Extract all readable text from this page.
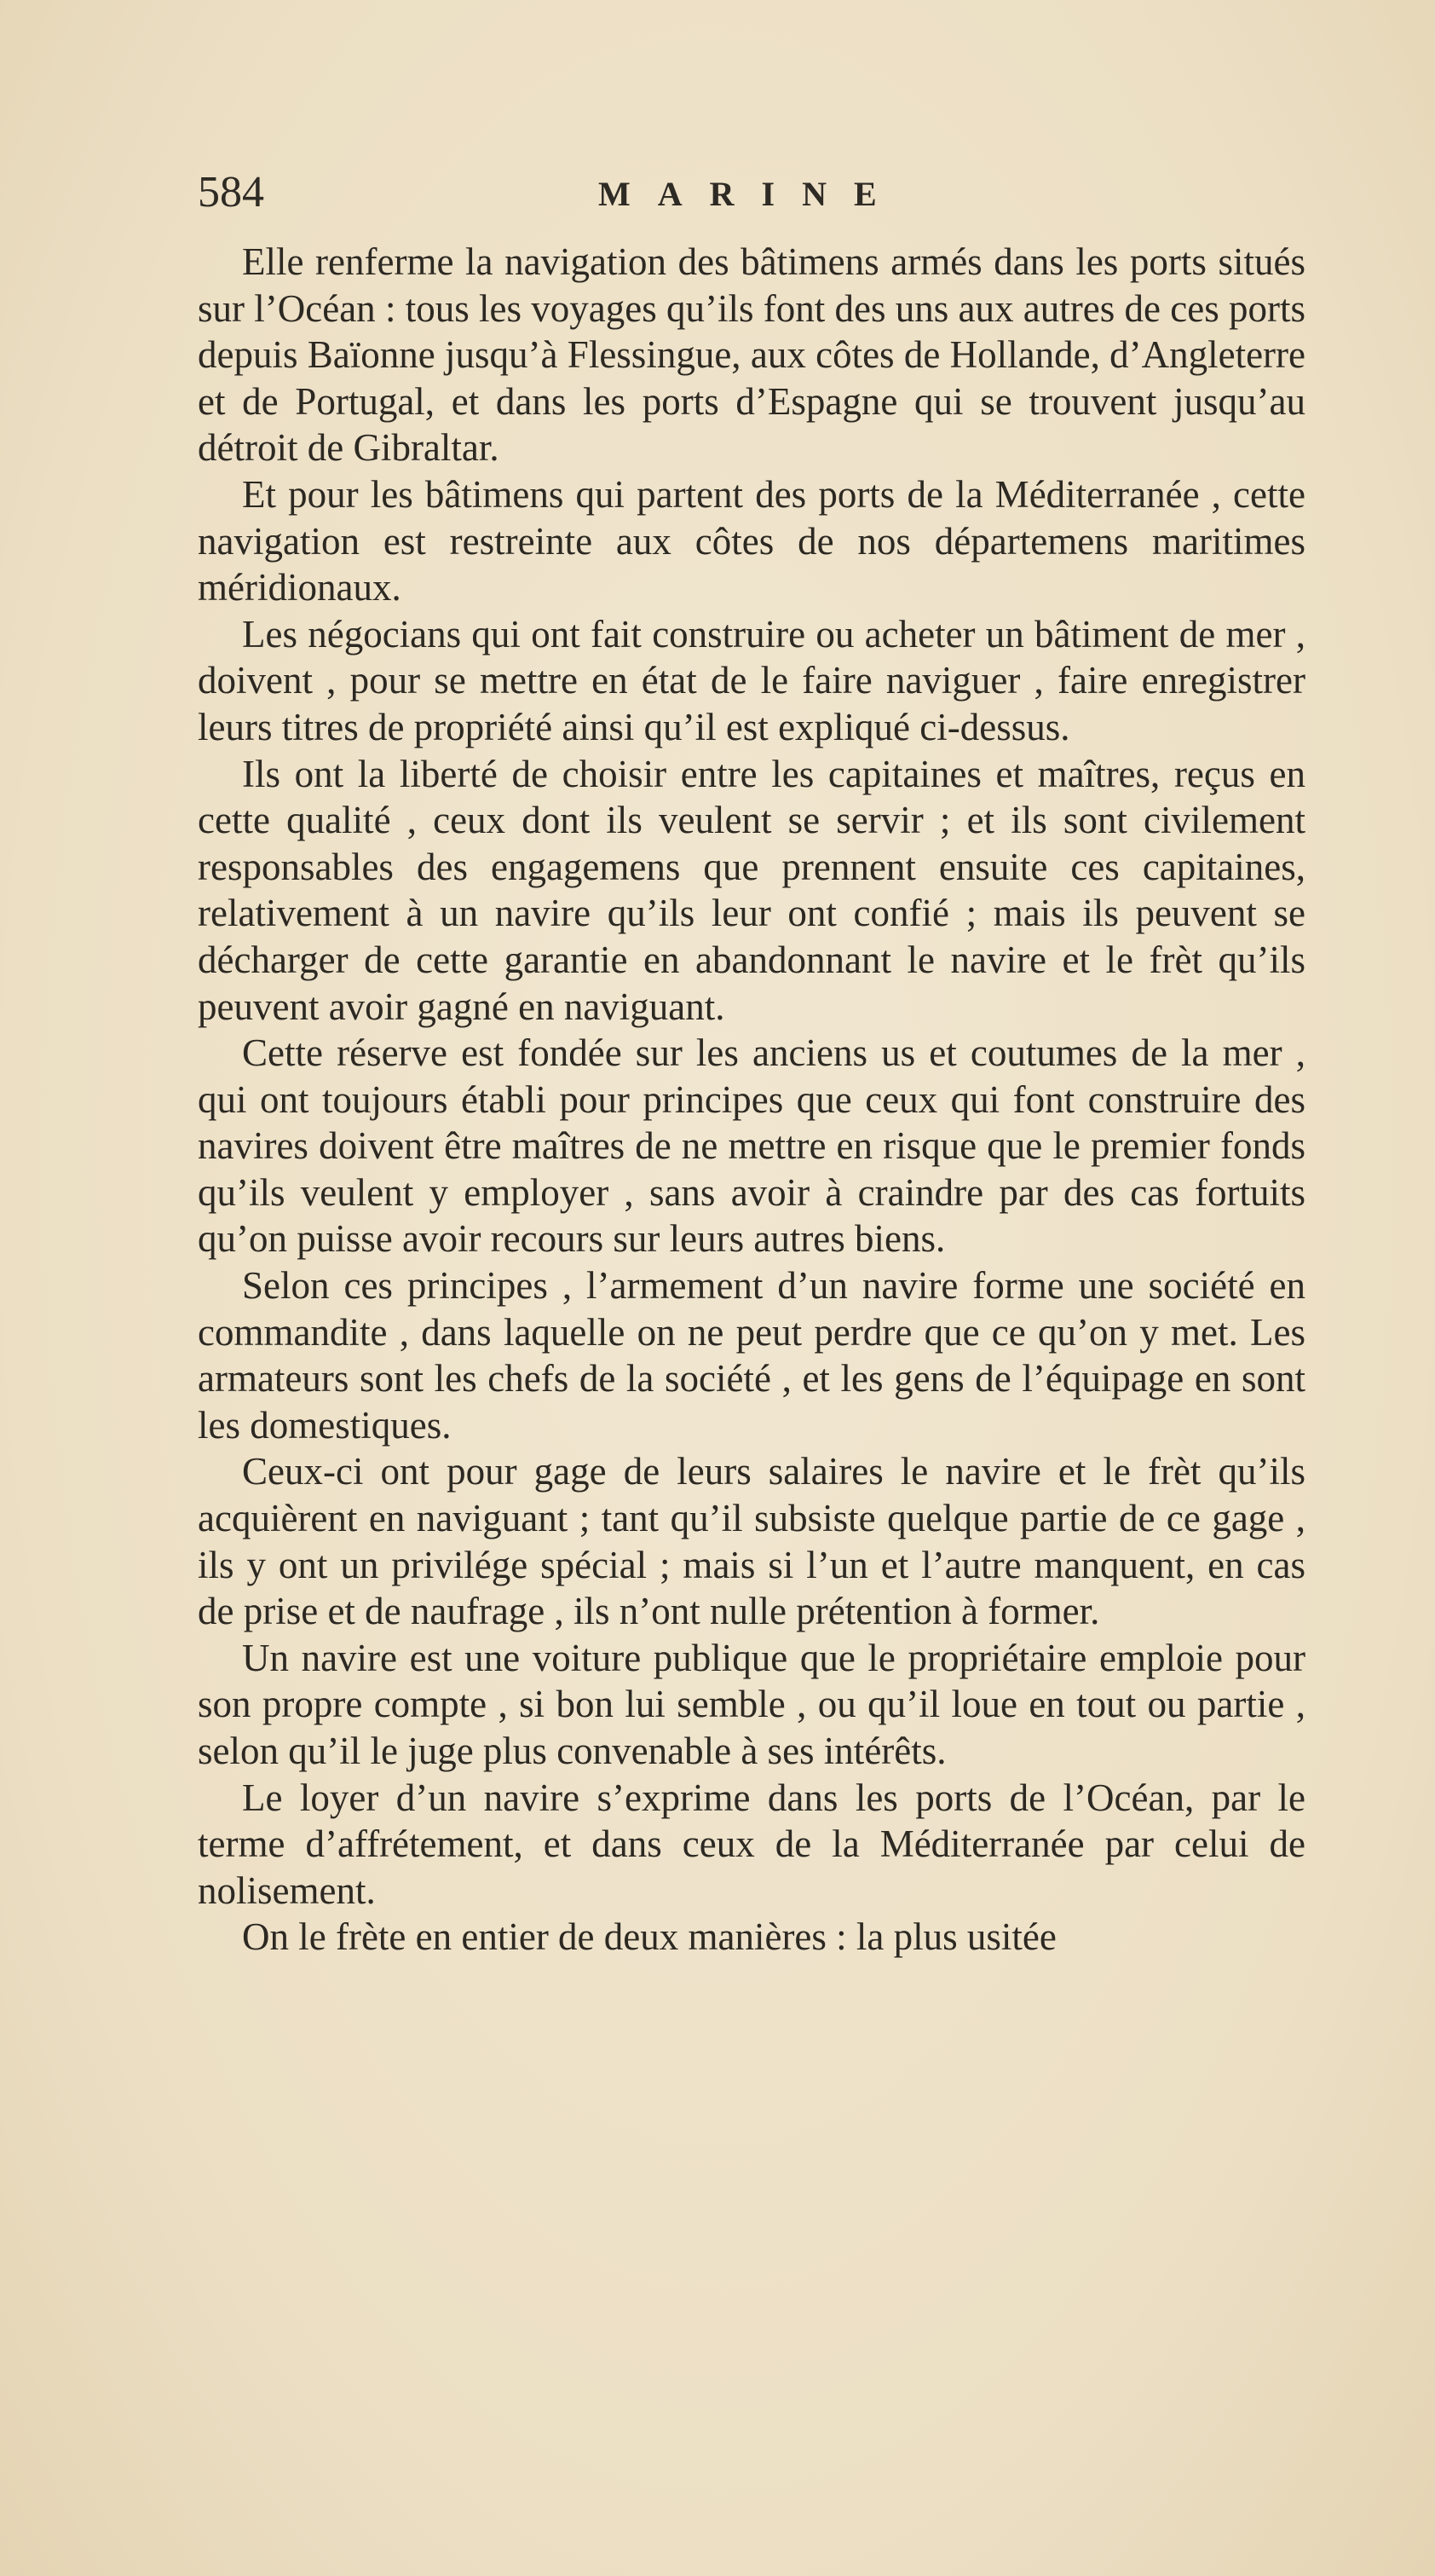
584	MARINE

Elle renferme la navigation des bâtimens armés dans les ports situés sur l’Océan : tous les voyages qu’ils font des uns aux autres de ces ports depuis Baïonne jusqu’à Flessingue, aux côtes de Hollande, d’Angleterre et de Portugal, et dans les ports d’Espagne qui se trouvent jusqu’au détroit de Gibraltar.

Et pour les bâtimens qui partent des ports de la Méditerranée , cette navigation est restreinte aux côtes de nos départemens maritimes méridionaux.

Les négocians qui ont fait construire ou acheter un bâtiment de mer , doivent , pour se mettre en état de le faire naviguer , faire enregistrer leurs titres de propriété ainsi qu’il est expliqué ci-dessus.

Ils ont la liberté de choisir entre les capitaines et maîtres, reçus en cette qualité , ceux dont ils veulent se servir ; et ils sont civilement responsables des engagemens que prennent ensuite ces capitaines, relativement à un navire qu’ils leur ont confié ; mais ils peuvent se décharger de cette garantie en abandonnant le navire et le frèt qu’ils peuvent avoir gagné en naviguant.

Cette réserve est fondée sur les anciens us et coutumes de la mer , qui ont toujours établi pour principes que ceux qui font construire des navires doivent être maîtres de ne mettre en risque que le premier fonds qu’ils veulent y employer , sans avoir à craindre par des cas fortuits qu’on puisse avoir recours sur leurs autres biens.

Selon ces principes , l’armement d’un navire forme une société en commandite , dans laquelle on ne peut perdre que ce qu’on y met. Les armateurs sont les chefs de la société , et les gens de l’équipage en sont les domestiques.

Ceux-ci ont pour gage de leurs salaires le navire et le frèt qu’ils acquièrent en naviguant ; tant qu’il subsiste quelque partie de ce gage , ils y ont un privilége spécial ; mais si l’un et l’autre manquent, en cas de prise et de naufrage , ils n’ont nulle prétention à former.

Un navire est une voiture publique que le propriétaire emploie pour son propre compte , si bon lui semble , ou qu’il loue en tout ou partie , selon qu’il le juge plus convenable à ses intérêts.

Le loyer d’un navire s’exprime dans les ports de l’Océan, par le terme d’affrétement, et dans ceux de la Méditerranée par celui de nolisement.

On le frète en entier de deux manières : la plus usitée
